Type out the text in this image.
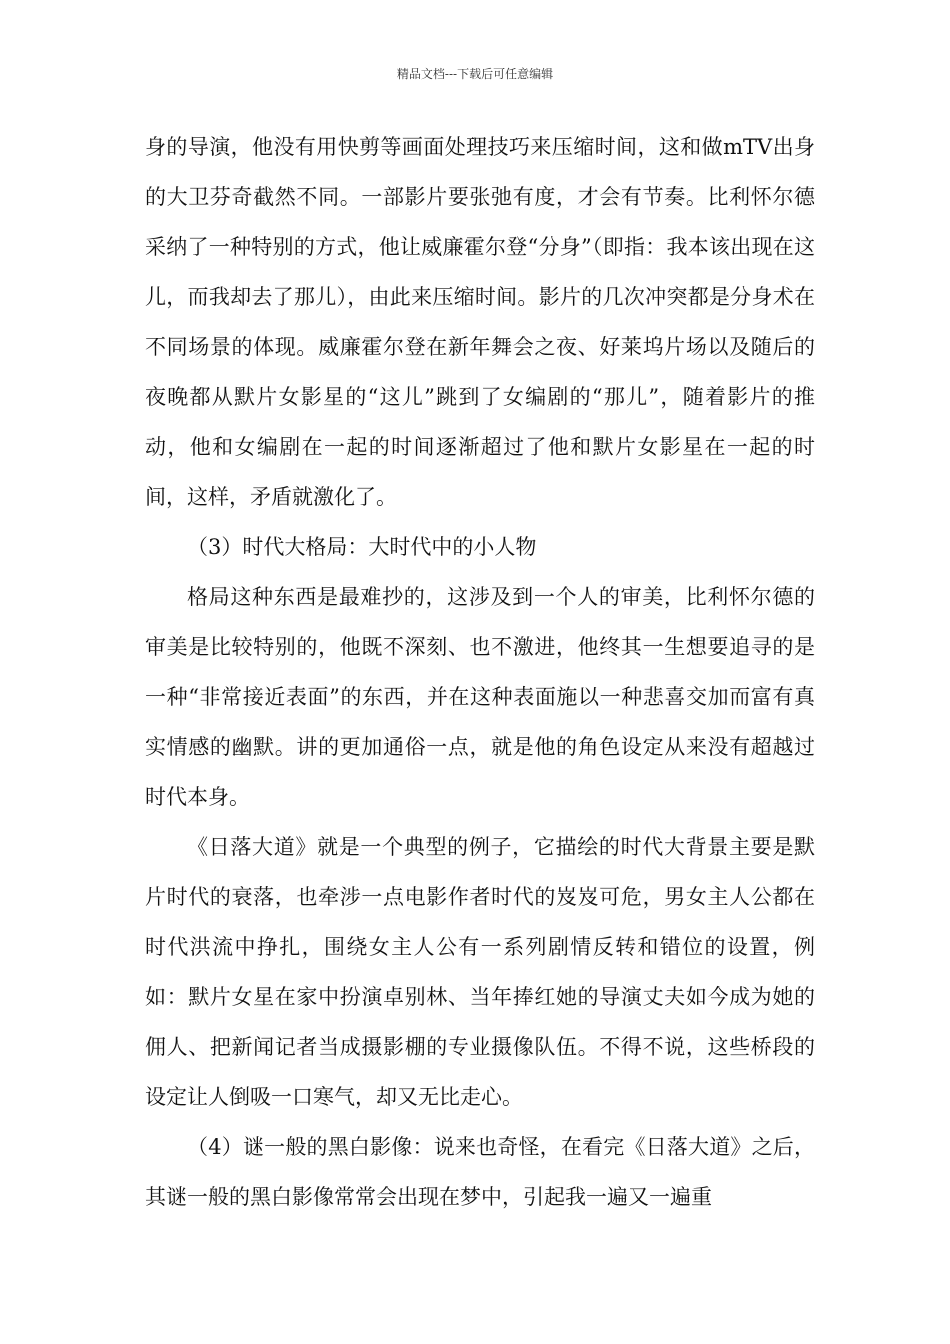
精品文档---下载后可任意编辑

身的导演，他没有用快剪等画面处理技巧来压缩时间，这和做mTV出身的大卫芬奇截然不同。一部影片要张弛有度，才会有节奏。比利怀尔德采纳了一种特别的方式，他让威廉霍尔登“分身”（即指：我本该出现在这儿，而我却去了那儿），由此来压缩时间。影片的几次冲突都是分身术在不同场景的体现。威廉霍尔登在新年舞会之夜、好莱坞片场以及随后的夜晚都从默片女影星的“这儿”跳到了女编剧的“那儿”，随着影片的推动，他和女编剧在一起的时间逐渐超过了他和默片女影星在一起的时间，这样，矛盾就激化了。

（3）时代大格局：大时代中的小人物

格局这种东西是最难抄的，这涉及到一个人的审美，比利怀尔德的审美是比较特别的，他既不深刻、也不激进，他终其一生想要追寻的是一种“非常接近表面”的东西，并在这种表面施以一种悲喜交加而富有真实情感的幽默。讲的更加通俗一点，就是他的角色设定从来没有超越过时代本身。

《日落大道》就是一个典型的例子，它描绘的时代大背景主要是默片时代的衰落，也牵涉一点电影作者时代的岌岌可危，男女主人公都在时代洪流中挣扎，围绕女主人公有一系列剧情反转和错位的设置，例如：默片女星在家中扮演卓别林、当年捧红她的导演丈夫如今成为她的佣人、把新闻记者当成摄影棚的专业摄像队伍。不得不说，这些桥段的设定让人倒吸一口寒气，却又无比走心。

（4）谜一般的黑白影像：说来也奇怪，在看完《日落大道》之后，其谜一般的黑白影像常常会出现在梦中，引起我一遍又一遍重
